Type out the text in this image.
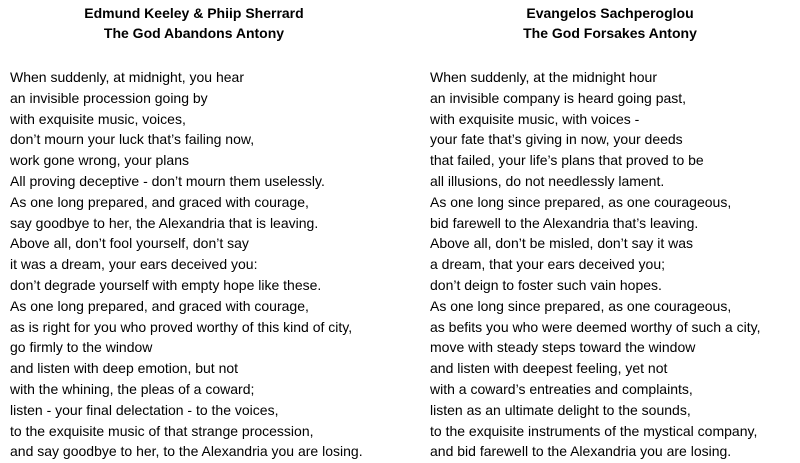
Edmund Keeley & Phiip Sherrard
The God Abandons Antony
When suddenly, at midnight, you hear
an invisible procession going by
with exquisite music, voices,
don’t mourn your luck that’s failing now,
work gone wrong, your plans
All proving deceptive - don’t mourn them uselessly.
As one long prepared, and graced with courage,
say goodbye to her, the Alexandria that is leaving.
Above all, don’t fool yourself, don’t say
it was a dream, your ears deceived you:
don’t degrade yourself with empty hope like these.
As one long prepared, and graced with courage,
as is right for you who proved worthy of this kind of city,
go firmly to the window
and listen with deep emotion, but not
with the whining, the pleas of a coward;
listen - your final delectation - to the voices,
to the exquisite music of that strange procession,
and say goodbye to her, to the Alexandria you are losing.
Evangelos Sachperoglou
The God Forsakes Antony
When suddenly, at the midnight hour
an invisible company is heard going past,
with exquisite music, with voices -
your fate that’s giving in now, your deeds
that failed, your life’s plans that proved to be
all illusions, do not needlessly lament.
As one long since prepared, as one courageous,
bid farewell to the Alexandria that’s leaving.
Above all, don’t be misled, don’t say it was
a dream, that your ears deceived you;
don’t deign to foster such vain hopes.
As one long since prepared, as one courageous,
as befits you who were deemed worthy of such a city,
move with steady steps toward the window
and listen with deepest feeling, yet not
with a coward’s entreaties and complaints,
listen as an ultimate delight to the sounds,
to the exquisite instruments of the mystical company,
and bid farewell to the Alexandria you are losing.
